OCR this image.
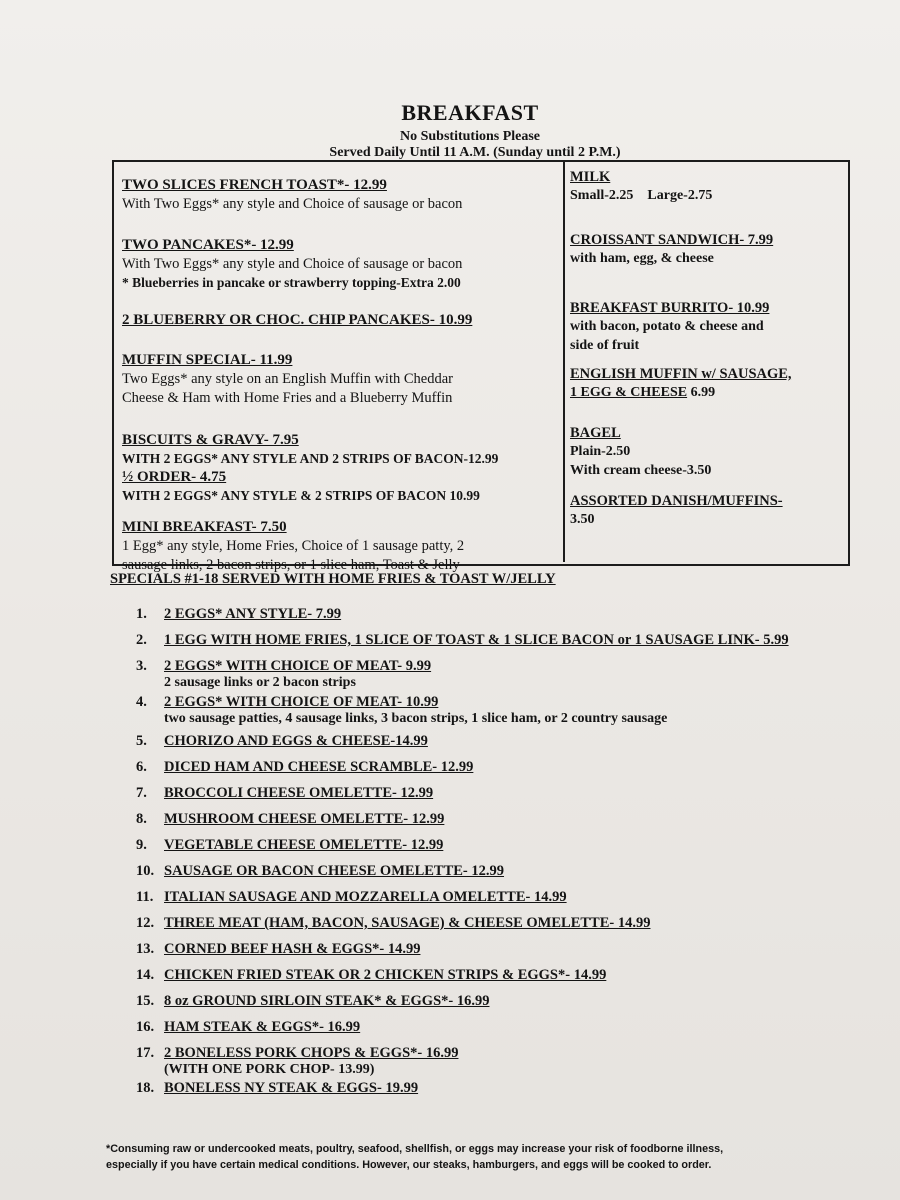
BREAKFAST
No Substitutions Please
Served Daily Until 11 A.M. (Sunday until 2 P.M.)
TWO SLICES FRENCH TOAST*- 12.99
With Two Eggs* any style and Choice of sausage or bacon
TWO PANCAKES*- 12.99
With Two Eggs* any style and Choice of sausage or bacon
* Blueberries in pancake or strawberry topping-Extra 2.00
2 BLUEBERRY OR CHOC. CHIP PANCAKES- 10.99
MUFFIN SPECIAL- 11.99
Two Eggs* any style on an English Muffin with Cheddar
Cheese & Ham with Home Fries and a Blueberry Muffin
BISCUITS & GRAVY- 7.95
WITH 2 EGGS* ANY STYLE AND 2 STRIPS OF BACON-12.99
½ ORDER- 4.75
WITH 2 EGGS* ANY STYLE & 2 STRIPS OF BACON 10.99
MINI BREAKFAST- 7.50
1 Egg* any style, Home Fries, Choice of 1 sausage patty, 2
sausage links, 2 bacon strips, or 1 slice ham, Toast & Jelly
MILK
Small-2.25    Large-2.75
CROISSANT SANDWICH- 7.99
with ham, egg, & cheese
BREAKFAST BURRITO- 10.99
with bacon, potato & cheese and
side of fruit
ENGLISH MUFFIN w/ SAUSAGE,
1 EGG & CHEESE 6.99
BAGEL
Plain-2.50
With cream cheese-3.50
ASSORTED DANISH/MUFFINS-
3.50
SPECIALS #1-18 SERVED WITH HOME FRIES & TOAST W/JELLY
1.	2 EGGS* ANY STYLE- 7.99
2.	1 EGG WITH HOME FRIES, 1 SLICE OF TOAST & 1 SLICE BACON or 1 SAUSAGE LINK- 5.99
3.	2 EGGS* WITH CHOICE OF MEAT- 9.99
2 sausage links or 2 bacon strips
4.	2 EGGS* WITH CHOICE OF MEAT- 10.99
two sausage patties, 4 sausage links, 3 bacon strips, 1 slice ham, or 2 country sausage
5.	CHORIZO AND EGGS & CHEESE-14.99
6.	DICED HAM AND CHEESE SCRAMBLE- 12.99
7.	BROCCOLI CHEESE OMELETTE- 12.99
8.	MUSHROOM CHEESE OMELETTE- 12.99
9.	VEGETABLE CHEESE OMELETTE- 12.99
10. SAUSAGE OR BACON CHEESE OMELETTE- 12.99
11. ITALIAN SAUSAGE AND MOZZARELLA OMELETTE- 14.99
12. THREE MEAT (HAM, BACON, SAUSAGE) & CHEESE OMELETTE- 14.99
13. CORNED BEEF HASH & EGGS*- 14.99
14. CHICKEN FRIED STEAK OR 2 CHICKEN STRIPS & EGGS*- 14.99
15. 8 oz GROUND SIRLOIN STEAK* & EGGS*- 16.99
16. HAM STEAK & EGGS*- 16.99
17. 2 BONELESS PORK CHOPS & EGGS*- 16.99
(WITH ONE PORK CHOP- 13.99)
18. BONELESS NY STEAK & EGGS- 19.99
*Consuming raw or undercooked meats, poultry, seafood, shellfish, or eggs may increase your risk of foodborne illness,
especially if you have certain medical conditions. However, our steaks, hamburgers, and eggs will be cooked to order.
